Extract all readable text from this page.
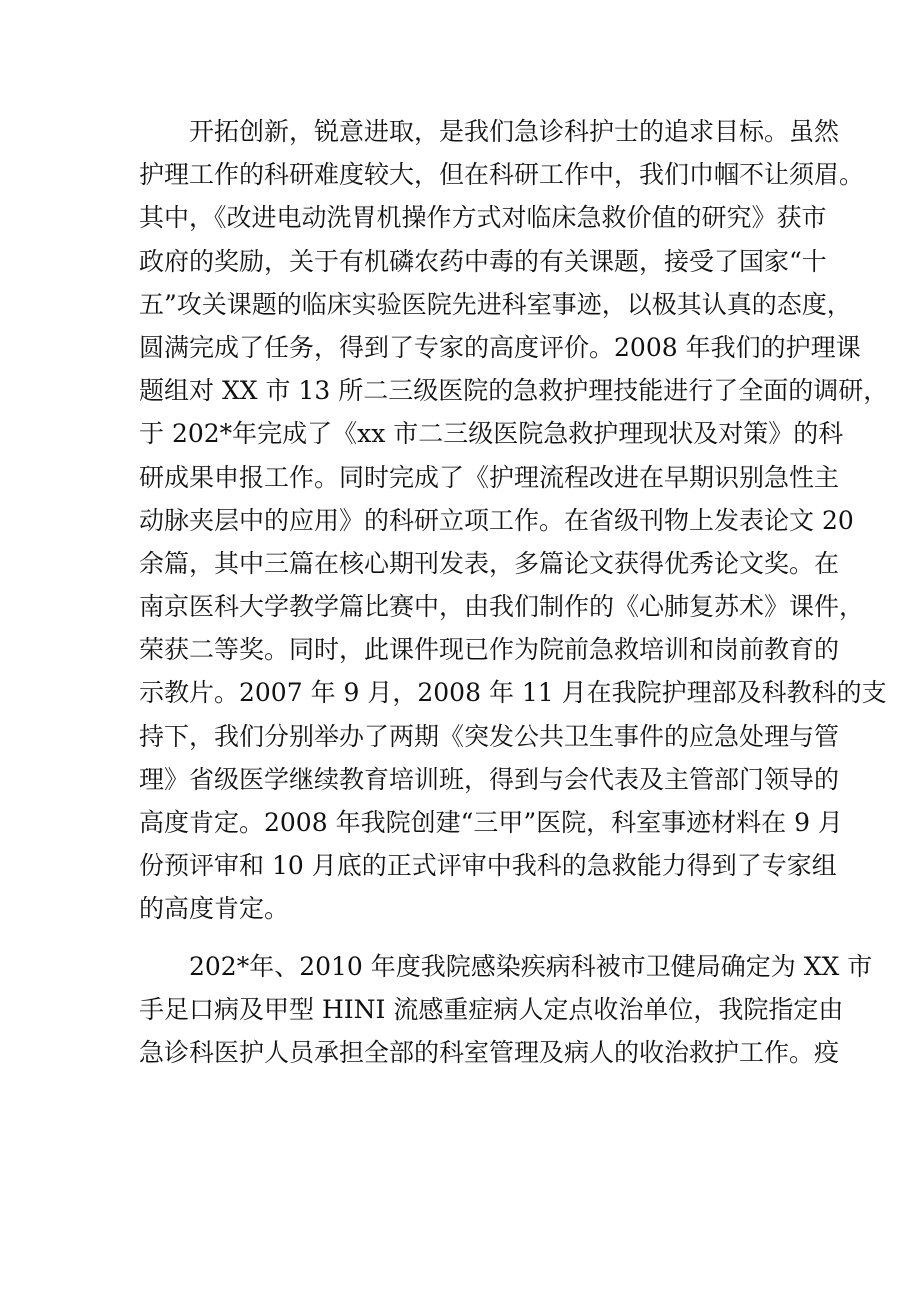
开拓创新，锐意进取，是我们急诊科护士的追求目标。虽然
护理工作的科研难度较大，但在科研工作中，我们巾帼不让须眉。
其中，《改进电动洗胃机操作方式对临床急救价值的研究》获市
政府的奖励，关于有机磷农药中毒的有关课题，接受了国家“十
五”攻关课题的临床实验医院先进科室事迹，以极其认真的态度，
圆满完成了任务，得到了专家的高度评价。2008 年我们的护理课
题组对 XX 市 13 所二三级医院的急救护理技能进行了全面的调研，
于 202*年完成了《xx 市二三级医院急救护理现状及对策》的科
研成果申报工作。同时完成了《护理流程改进在早期识别急性主
动脉夹层中的应用》的科研立项工作。在省级刊物上发表论文 20
余篇，其中三篇在核心期刊发表，多篇论文获得优秀论文奖。在
南京医科大学教学篇比赛中，由我们制作的《心肺复苏术》课件，
荣获二等奖。同时，此课件现已作为院前急救培训和岗前教育的
示教片。2007 年 9 月，2008 年 11 月在我院护理部及科教科的支
持下，我们分别举办了两期《突发公共卫生事件的应急处理与管
理》省级医学继续教育培训班，得到与会代表及主管部门领导的
高度肯定。2008 年我院创建“三甲”医院，科室事迹材料在 9 月
份预评审和 10 月底的正式评审中我科的急救能力得到了专家组
的高度肯定。
202*年、2010 年度我院感染疾病科被市卫健局确定为 XX 市
手足口病及甲型 HINI 流感重症病人定点收治单位，我院指定由
急诊科医护人员承担全部的科室管理及病人的收治救护工作。疫
